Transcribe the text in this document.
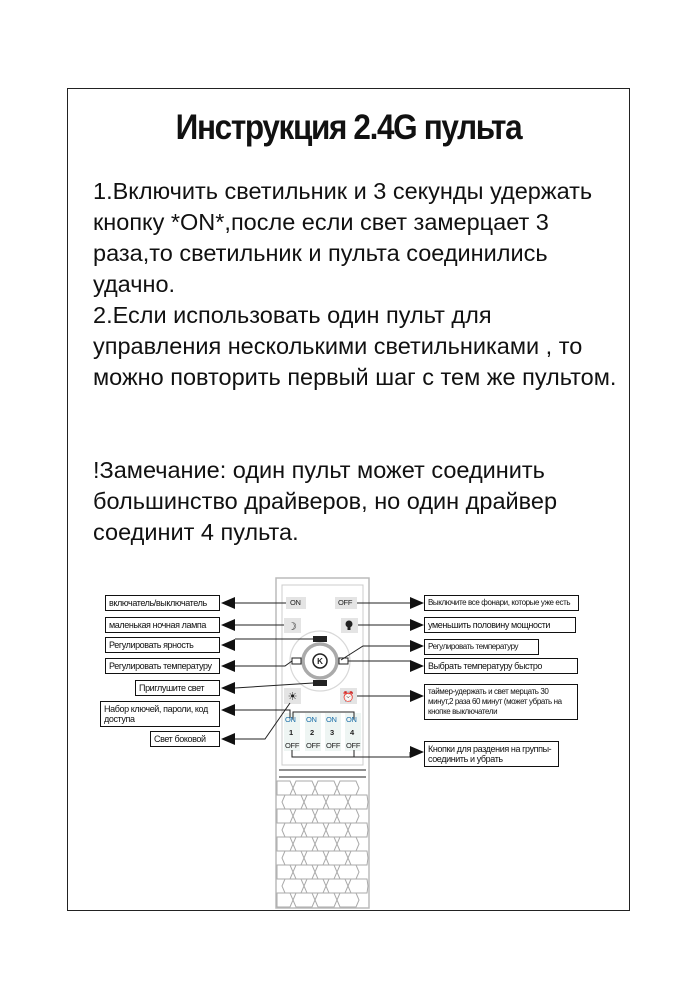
Инструкция 2.4G пульта
1.Включить светильник и 3 секунды удержать кнопку *ON*,после если свет замерцает 3 раза,то светильник и пульта соединились удачно.
2.Если использовать один пульт для управления несколькими светильниками , то можно повторить первый шаг с тем же пультом.
!Замечание: один пульт может соединить большинство драйверов, но один драйвер соединит 4 пульта.
☽
K
☀	⏰
ON	OFF
ON
1
OFF
ON
2
OFF
ON
3
OFF
ON
4
OFF
включатель/выключатель
маленькая ночная лампа
Регулировать ярность
Регулировать температуру
Приглушите свет
Набор ключей, пароли, код доступа
Свет боковой
Выключите все фонари, которые уже есть
уменьшить половину мощности
Регулировать температуру
Выбрать температуру быстро
таймер-удержать и свет мерцать 30 минут,2 раза 60 минут (может убрать на кнопке выключатели
Кнопки для раздения на группы-соединить и убрать
